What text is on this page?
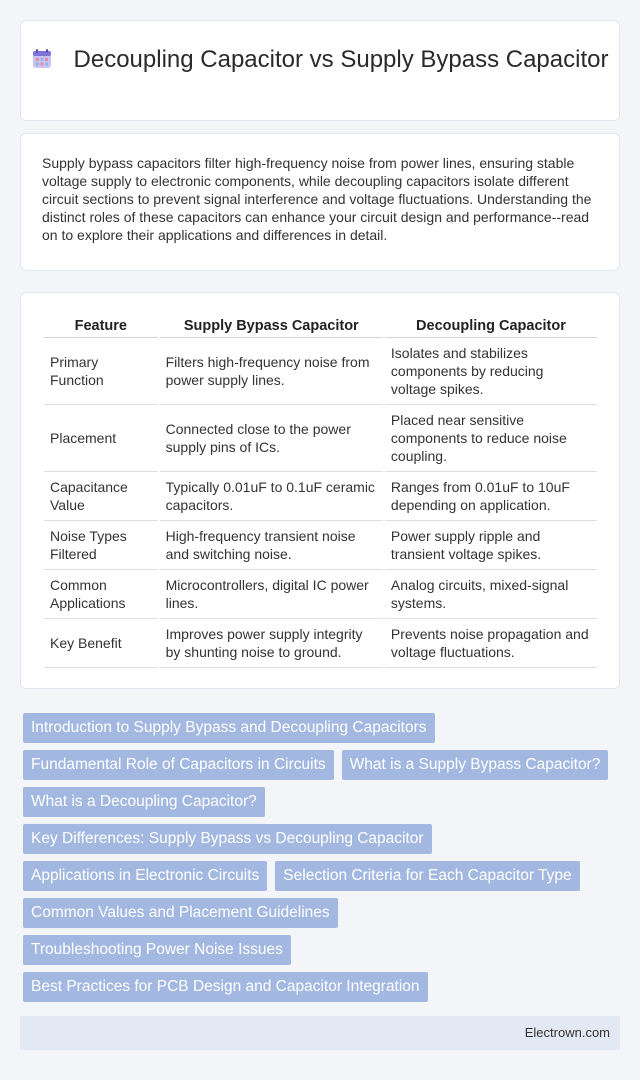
Decoupling Capacitor vs Supply Bypass Capacitor

Supply bypass capacitors filter high-frequency noise from power lines, ensuring stable voltage supply to electronic components, while decoupling capacitors isolate different circuit sections to prevent signal interference and voltage fluctuations. Understanding the distinct roles of these capacitors can enhance your circuit design and performance--read on to explore their applications and differences in detail.

Feature	Supply Bypass Capacitor	Decoupling Capacitor
Primary Function	Filters high-frequency noise from power supply lines.	Isolates and stabilizes components by reducing voltage spikes.
Placement	Connected close to the power supply pins of ICs.	Placed near sensitive components to reduce noise coupling.
Capacitance Value	Typically 0.01uF to 0.1uF ceramic capacitors.	Ranges from 0.01uF to 10uF depending on application.
Noise Types Filtered	High-frequency transient noise and switching noise.	Power supply ripple and transient voltage spikes.
Common Applications	Microcontrollers, digital IC power lines.	Analog circuits, mixed-signal systems.
Key Benefit	Improves power supply integrity by shunting noise to ground.	Prevents noise propagation and voltage fluctuations.
Introduction to Supply Bypass and Decoupling Capacitors
Fundamental Role of Capacitors in Circuits	What is a Supply Bypass Capacitor?
What is a Decoupling Capacitor?
Key Differences: Supply Bypass vs Decoupling Capacitor
Applications in Electronic Circuits	Selection Criteria for Each Capacitor Type
Common Values and Placement Guidelines
Troubleshooting Power Noise Issues
Best Practices for PCB Design and Capacitor Integration
Electrown.com
